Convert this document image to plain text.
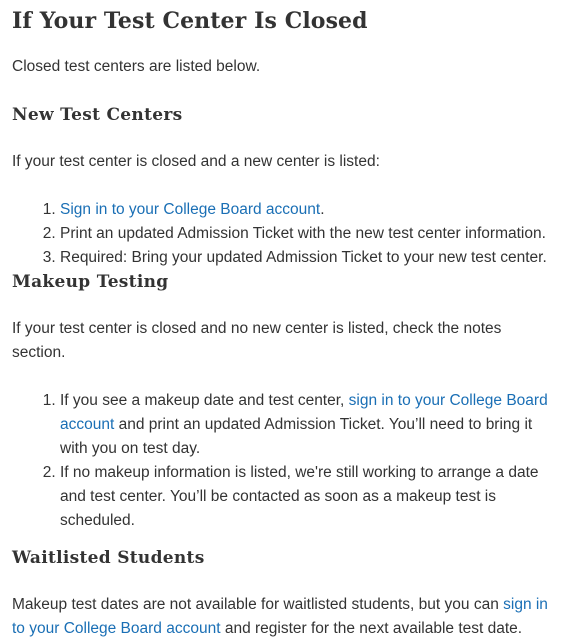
If Your Test Center Is Closed

Closed test centers are listed below.

New Test Centers

If your test center is closed and a new center is listed:

1. Sign in to your College Board account.
2. Print an updated Admission Ticket with the new test center information.
3. Required: Bring your updated Admission Ticket to your new test center.
Makeup Testing

If your test center is closed and no new center is listed, check the notes section.

1. If you see a makeup date and test center, sign in to your College Board account and print an updated Admission Ticket. You’ll need to bring it with you on test day.
2. If no makeup information is listed, we're still working to arrange a date and test center. You’ll be contacted as soon as a makeup test is scheduled.
Waitlisted Students

Makeup test dates are not available for waitlisted students, but you can sign in to your College Board account and register for the next available test date.
